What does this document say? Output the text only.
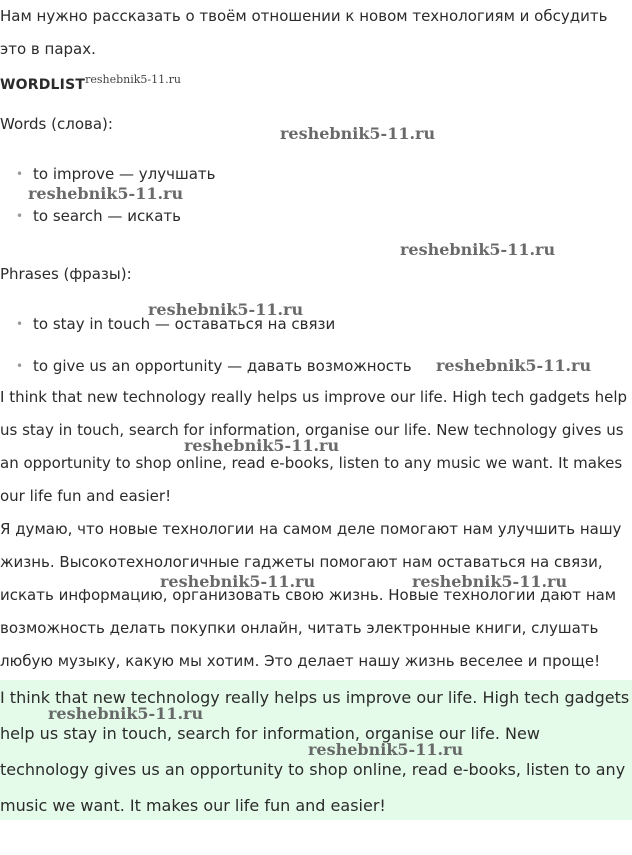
Нам нужно рассказать о твоём отношении к новом технологиям и обсудить это в парах.

$WORDLIST^{reshebnik5-11.ru}$
Words (слова):
• to improve — улучшать
• to search — искать
Phrases (фразы):
• to stay in touch — оставаться на связи
• to give us an opportunity — давать возможность

I think that new technology really helps us improve our life. High tech gadgets help us stay in touch, search for information, organise our life. New technology gives us an opportunity to shop online, read e-books, listen to any music we want. It makes our life fun and easier!

Я думаю, что новые технологии на самом деле помогают нам улучшить нашу жизнь. Высокотехнологичные гаджеты помогают нам оставаться на связи, искать информацию, организовать свою жизнь. Новые технологии дают нам возможность делать покупки онлайн, читать электронные книги, слушать любую музыку, какую мы хотим. Это делает нашу жизнь веселее и проще!

I think that new technology really helps us improve our life. High tech gadgets help us stay in touch, search for information, organise our life. New technology gives us an opportunity to shop online, read e-books, listen to any music we want. It makes our life fun and easier!

reshebnik5-11.ru
reshebnik5-11.ru
reshebnik5-11.ru
reshebnik5-11.ru
reshebnik5-11.ru
reshebnik5-11.ru
reshebnik5-11.ru	reshebnik5-11.ru
reshebnik5-11.ru
reshebnik5-11.ru
